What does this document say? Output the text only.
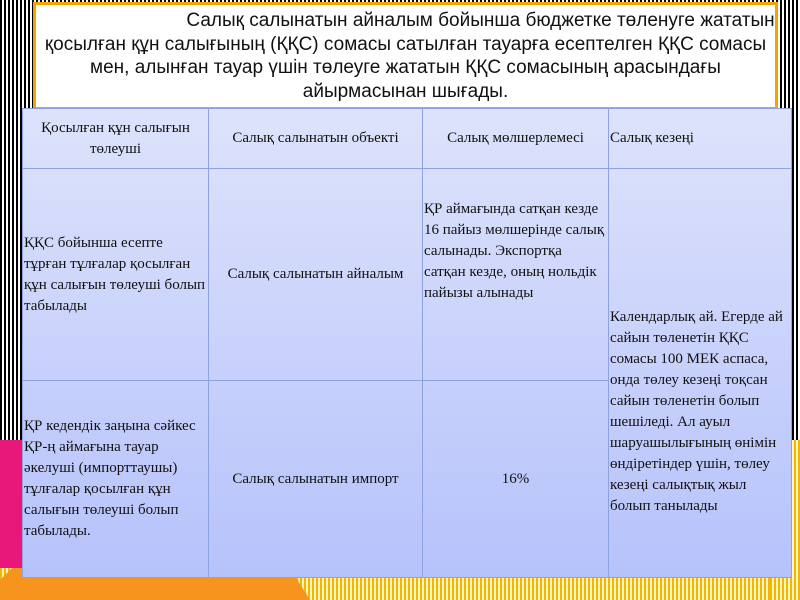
Салық салынатын айналым бойынша бюджетке төленуге жататын қосылған құн салығының (ҚҚС) сомасы сатылған тауарға есептелген ҚҚС сомасы мен, алынған тауар үшін төлеуге жататын ҚҚС сомасының арасындағы айырмасынан шығады.
Қосылған құн салығын төлеуші	Салық салынатын объекті	Салық мөлшерлемесі	Салық кезеңі
ҚҚС бойынша есепте тұрған тұлғалар қосылған құн салығын төлеуші болып табылады	Салық салынатын айналым	ҚР аймағында сатқан кезде 16 пайыз мөлшерінде салық салынады. Экспортқа сатқан кезде, оның нольдік пайызы алынады	Календарлық ай. Егерде ай сайын төленетін ҚҚС сомасы 100 МЕК аспаса, онда төлеу кезеңі тоқсан сайын төленетін болып шешіледі. Ал ауыл шаруашылығының өнімін өндіретіндер үшін, төлеу кезеңі салықтық жыл болып танылады
ҚР кедендік заңына сәйкес ҚР-ң аймағына тауар әкелуші (импорттаушы) тұлғалар қосылған құн салығын төлеуші болып табылады.	Салық салынатын импорт	16%	
